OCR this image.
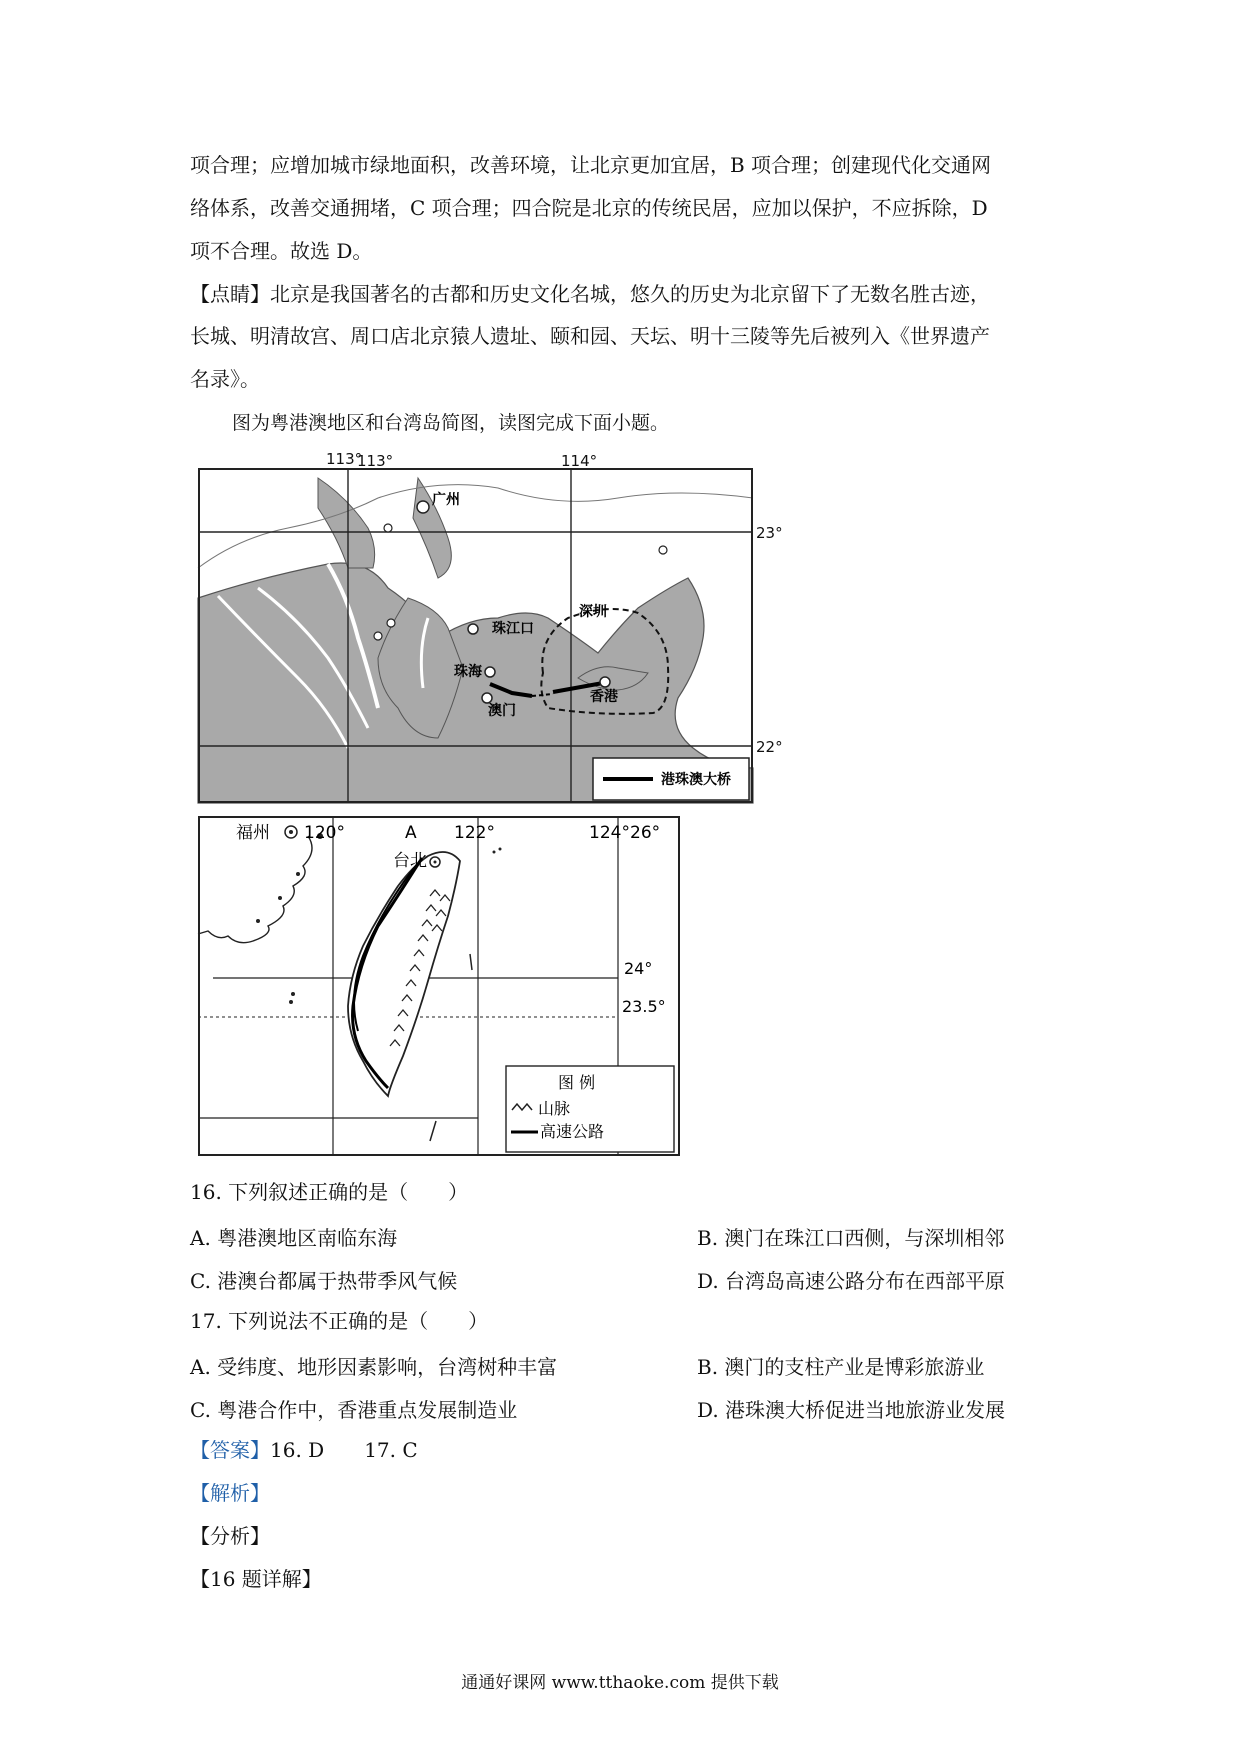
项合理；应增加城市绿地面积，改善环境，让北京更加宜居，B 项合理；创建现代化交通网
络体系，改善交通拥堵，C 项合理；四合院是北京的传统民居，应加以保护，不应拆除，D
项不合理。故选 D。
【点睛】北京是我国著名的古都和历史文化名城，悠久的历史为北京留下了无数名胜古迹，
长城、明清故宫、周口店北京猿人遗址、颐和园、天坛、明十三陵等先后被列入《世界遗产
名录》。
图为粤港澳地区和台湾岛简图，读图完成下面小题。
113°
广州
珠江口
深圳
珠海
澳门
香港
港珠澳大桥
113°	114°
23°
22°
福州 120°	A 122°	124° 26°
台北
24°
23.5°
图 例
山脉
高速公路
16. 下列叙述正确的是（　　）
A. 粤港澳地区南临东海	B. 澳门在珠江口西侧，与深圳相邻
C. 港澳台都属于热带季风气候	D. 台湾岛高速公路分布在西部平原
17. 下列说法不正确的是（　　）
A. 受纬度、地形因素影响，台湾树种丰富	B. 澳门的支柱产业是博彩旅游业
C. 粤港合作中，香港重点发展制造业	D. 港珠澳大桥促进当地旅游业发展
【答案】16. D　　17. C
【解析】
【分析】
【16 题详解】
通通好课网 www.tthaoke.com 提供下载
